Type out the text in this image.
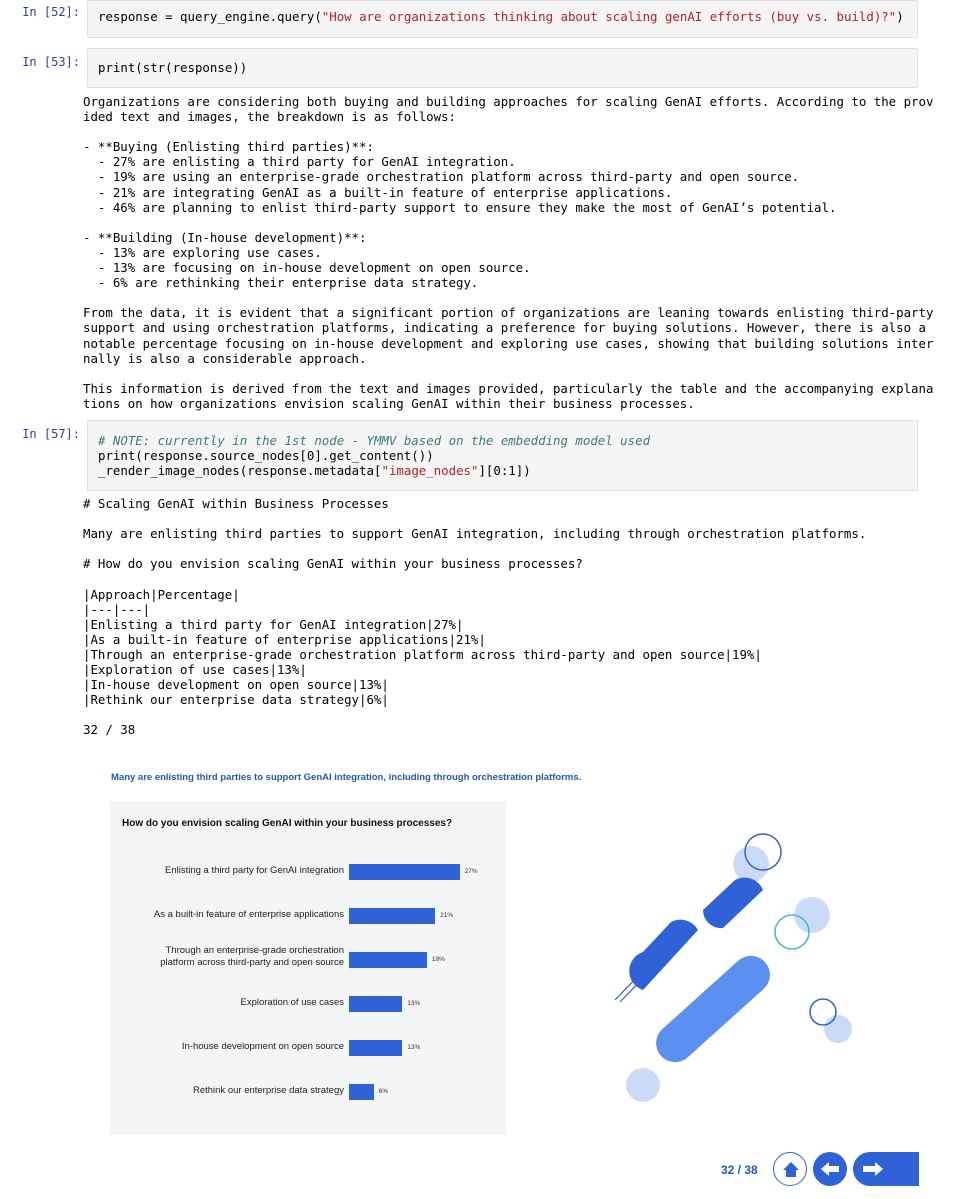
In [52]:	response = query_engine.query("How are organizations thinking about scaling genAI efforts (buy vs. build)?")
In [53]:	print(str(response))
Organizations are considering both buying and building approaches for scaling GenAI efforts. According to the prov
ided text and images, the breakdown is as follows:

- **Buying (Enlisting third parties)**:
- 27% are enlisting a third party for GenAI integration.
- 19% are using an enterprise-grade orchestration platform across third-party and open source.
- 21% are integrating GenAI as a built-in feature of enterprise applications.
- 46% are planning to enlist third-party support to ensure they make the most of GenAI’s potential.

- **Building (In-house development)**:
- 13% are exploring use cases.
- 13% are focusing on in-house development on open source.
- 6% are rethinking their enterprise data strategy.

From the data, it is evident that a significant portion of organizations are leaning towards enlisting third-party
support and using orchestration platforms, indicating a preference for buying solutions. However, there is also a
notable percentage focusing on in-house development and exploring use cases, showing that building solutions inter
nally is also a considerable approach.

This information is derived from the text and images provided, particularly the table and the accompanying explana
tions on how organizations envision scaling GenAI within their business processes.
In [57]:	# NOTE: currently in the 1st node - YMMV based on the embedding model used
print(response.source_nodes[0].get_content())
_render_image_nodes(response.metadata["image_nodes"][0:1])
# Scaling GenAI within Business Processes

Many are enlisting third parties to support GenAI integration, including through orchestration platforms.

# How do you envision scaling GenAI within your business processes?

|Approach|Percentage|
|---|---|
|Enlisting a third party for GenAI integration|27%|
|As a built-in feature of enterprise applications|21%|
|Through an enterprise-grade orchestration platform across third-party and open source|19%|
|Exploration of use cases|13%|
|In-house development on open source|13%|
|Rethink our enterprise data strategy|6%|

32 / 38
Many are enlisting third parties to support GenAI integration, including through orchestration platforms.
How do you envision scaling GenAI within your business processes?
Enlisting a third party for GenAI integration	27%
As a built-in feature of enterprise applications	21%
Through an enterprise-grade orchestration platform across third-party and open source	19%
Exploration of use cases	13%
In-house development on open source	13%
Rethink our enterprise data strategy	6%
32 / 38
